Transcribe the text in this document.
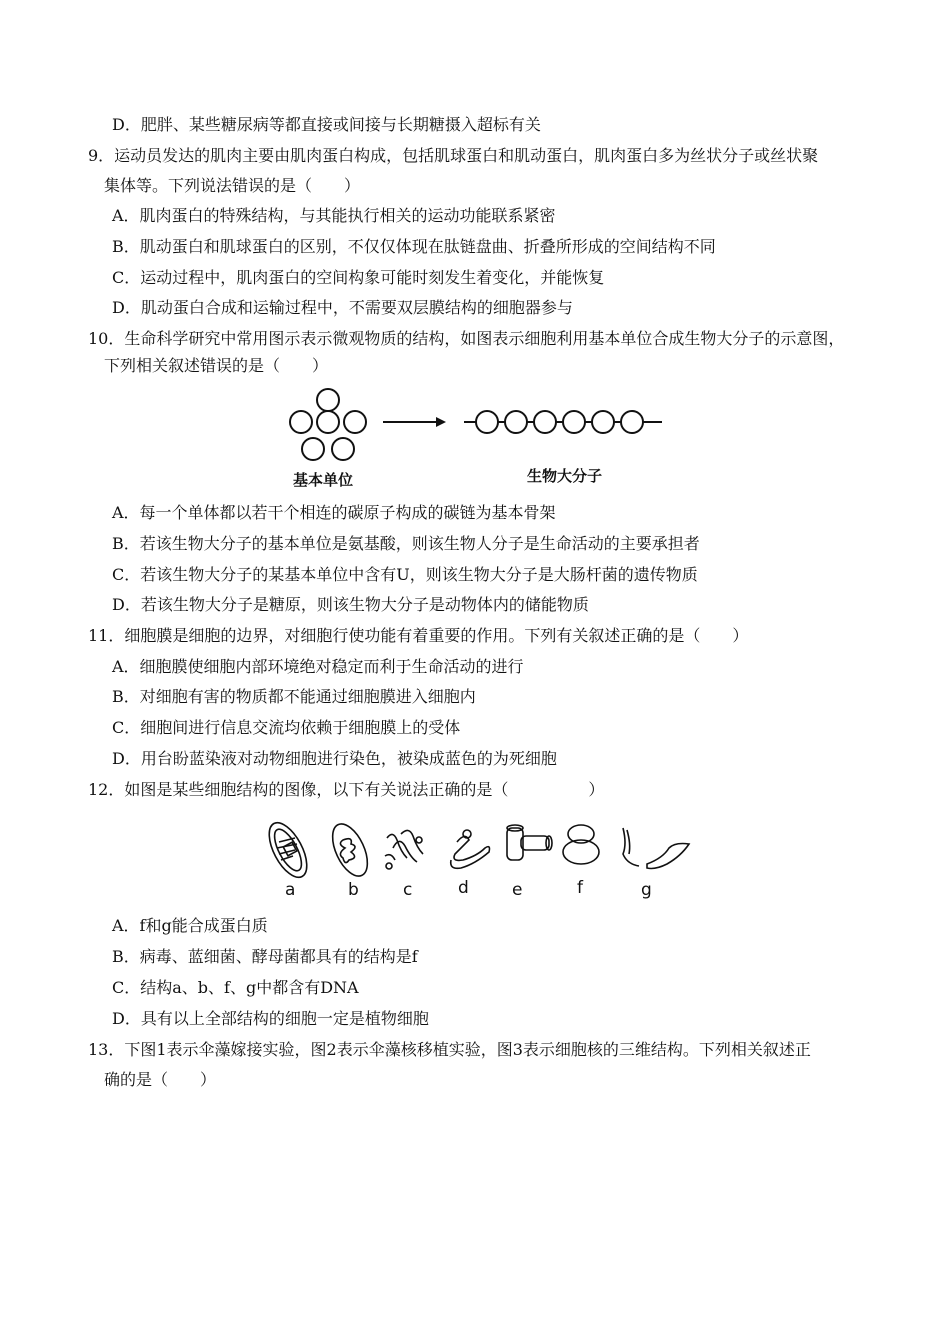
D．肥胖、某些糖尿病等都直接或间接与长期糖摄入超标有关
9．运动员发达的肌肉主要由肌肉蛋白构成，包括肌球蛋白和肌动蛋白，肌肉蛋白多为丝状分子或丝状聚
集体等。下列说法错误的是（　　）
A．肌肉蛋白的特殊结构，与其能执行相关的运动功能联系紧密
B．肌动蛋白和肌球蛋白的区别，不仅仅体现在肽链盘曲、折叠所形成的空间结构不同
C．运动过程中，肌肉蛋白的空间构象可能时刻发生着变化，并能恢复
D．肌动蛋白合成和运输过程中，不需要双层膜结构的细胞器参与
10．生命科学研究中常用图示表示微观物质的结构，如图表示细胞利用基本单位合成生物大分子的示意图，
下列相关叙述错误的是（　　）
基本单位	生物大分子
A．每一个单体都以若干个相连的碳原子构成的碳链为基本骨架
B．若该生物大分子的基本单位是氨基酸，则该生物人分子是生命活动的主要承担者
C．若该生物大分子的某基本单位中含有U，则该生物大分子是大肠杆菌的遗传物质
D．若该生物大分子是糖原，则该生物大分子是动物体内的储能物质
11．细胞膜是细胞的边界，对细胞行使功能有着重要的作用。下列有关叙述正确的是（　　）
A．细胞膜使细胞内部环境绝对稳定而利于生命活动的进行
B．对细胞有害的物质都不能通过细胞膜进入细胞内
C．细胞间进行信息交流均依赖于细胞膜上的受体
D．用台盼蓝染液对动物细胞进行染色，被染成蓝色的为死细胞
12．如图是某些细胞结构的图像，以下有关说法正确的是（　　　　　）
a	b	c	d	e	f	g
A．f和g能合成蛋白质
B．病毒、蓝细菌、酵母菌都具有的结构是f
C．结构a、b、f、g中都含有DNA
D．具有以上全部结构的细胞一定是植物细胞
13．下图1表示伞藻嫁接实验，图2表示伞藻核移植实验，图3表示细胞核的三维结构。下列相关叙述正
确的是（　　）
